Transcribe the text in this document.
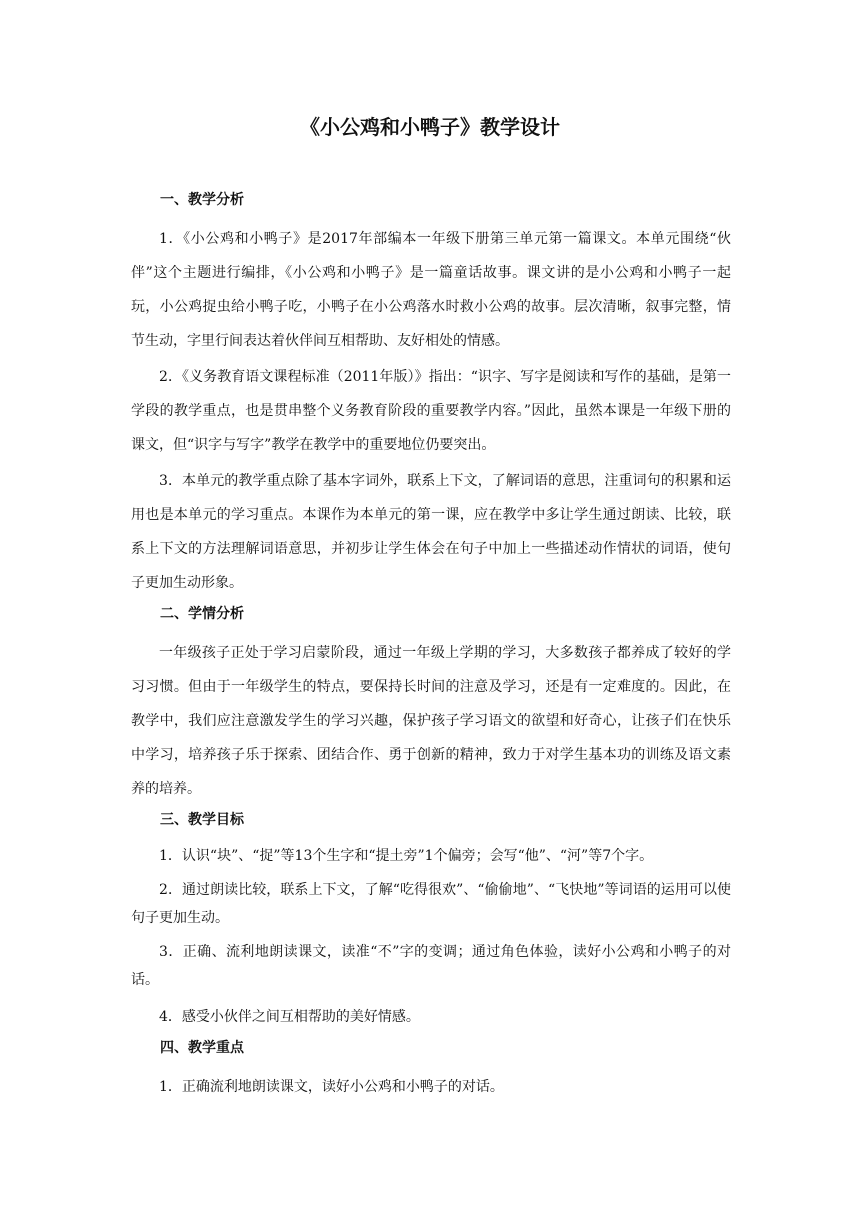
《小公鸡和小鸭子》教学设计
一、教学分析

1．《小公鸡和小鸭子》是2017年部编本一年级下册第三单元第一篇课文。本单元围绕“伙伴”这个主题进行编排，《小公鸡和小鸭子》是一篇童话故事。课文讲的是小公鸡和小鸭子一起玩，小公鸡捉虫给小鸭子吃，小鸭子在小公鸡落水时救小公鸡的故事。层次清晰，叙事完整，情节生动，字里行间表达着伙伴间互相帮助、友好相处的情感。

2．《义务教育语文课程标准（2011年版）》指出：“识字、写字是阅读和写作的基础，是第一学段的教学重点，也是贯串整个义务教育阶段的重要教学内容。”因此，虽然本课是一年级下册的课文，但“识字与写字”教学在教学中的重要地位仍要突出。

3．本单元的教学重点除了基本字词外，联系上下文，了解词语的意思，注重词句的积累和运用也是本单元的学习重点。本课作为本单元的第一课，应在教学中多让学生通过朗读、比较，联系上下文的方法理解词语意思，并初步让学生体会在句子中加上一些描述动作情状的词语，使句子更加生动形象。

二、学情分析

一年级孩子正处于学习启蒙阶段，通过一年级上学期的学习，大多数孩子都养成了较好的学习习惯。但由于一年级学生的特点，要保持长时间的注意及学习，还是有一定难度的。因此，在教学中，我们应注意激发学生的学习兴趣，保护孩子学习语文的欲望和好奇心，让孩子们在快乐中学习，培养孩子乐于探索、团结合作、勇于创新的精神，致力于对学生基本功的训练及语文素养的培养。

三、教学目标

1．认识“块”、“捉”等13个生字和“提土旁”1个偏旁；会写“他”、“河”等7个字。

2．通过朗读比较，联系上下文，了解“吃得很欢”、“偷偷地”、“飞快地”等词语的运用可以使句子更加生动。

3．正确、流利地朗读课文，读准“不”字的变调；通过角色体验，读好小公鸡和小鸭子的对话。

4．感受小伙伴之间互相帮助的美好情感。

四、教学重点

1．正确流利地朗读课文，读好小公鸡和小鸭子的对话。
